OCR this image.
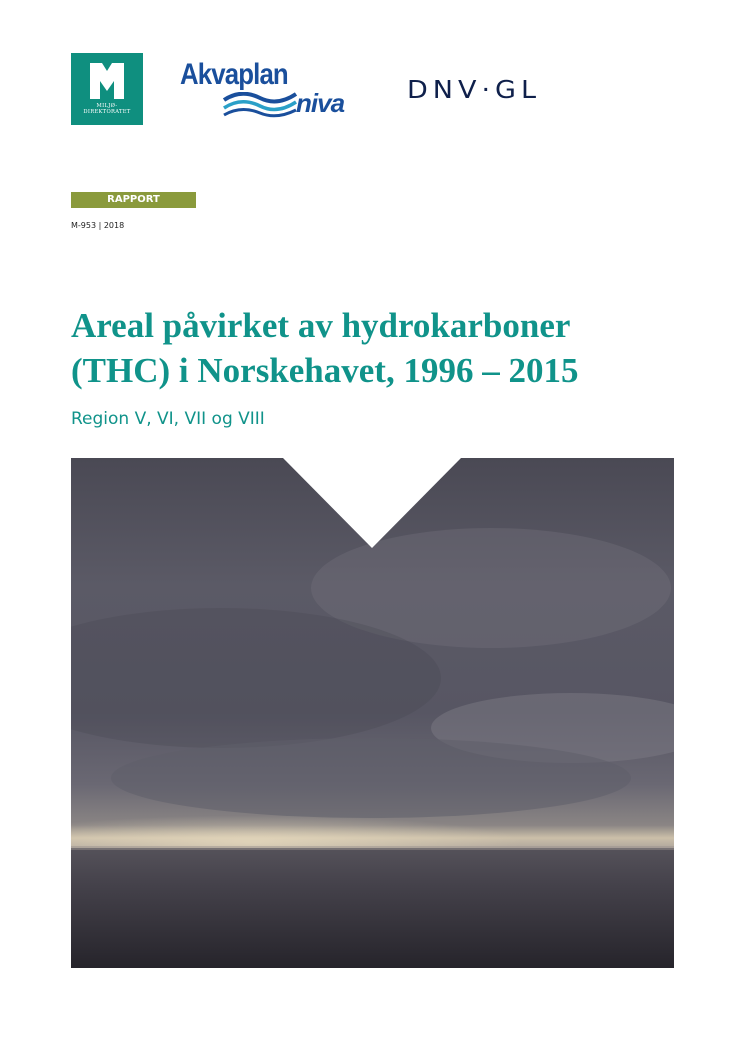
MILJØ-
DIREKTORATET
Akvaplan
niva DNV·GL
RAPPORT
M-953 | 2018
Areal påvirket av hydrokarboner
(THC) i Norskehavet, 1996 – 2015

Region V, VI, VII og VIII
